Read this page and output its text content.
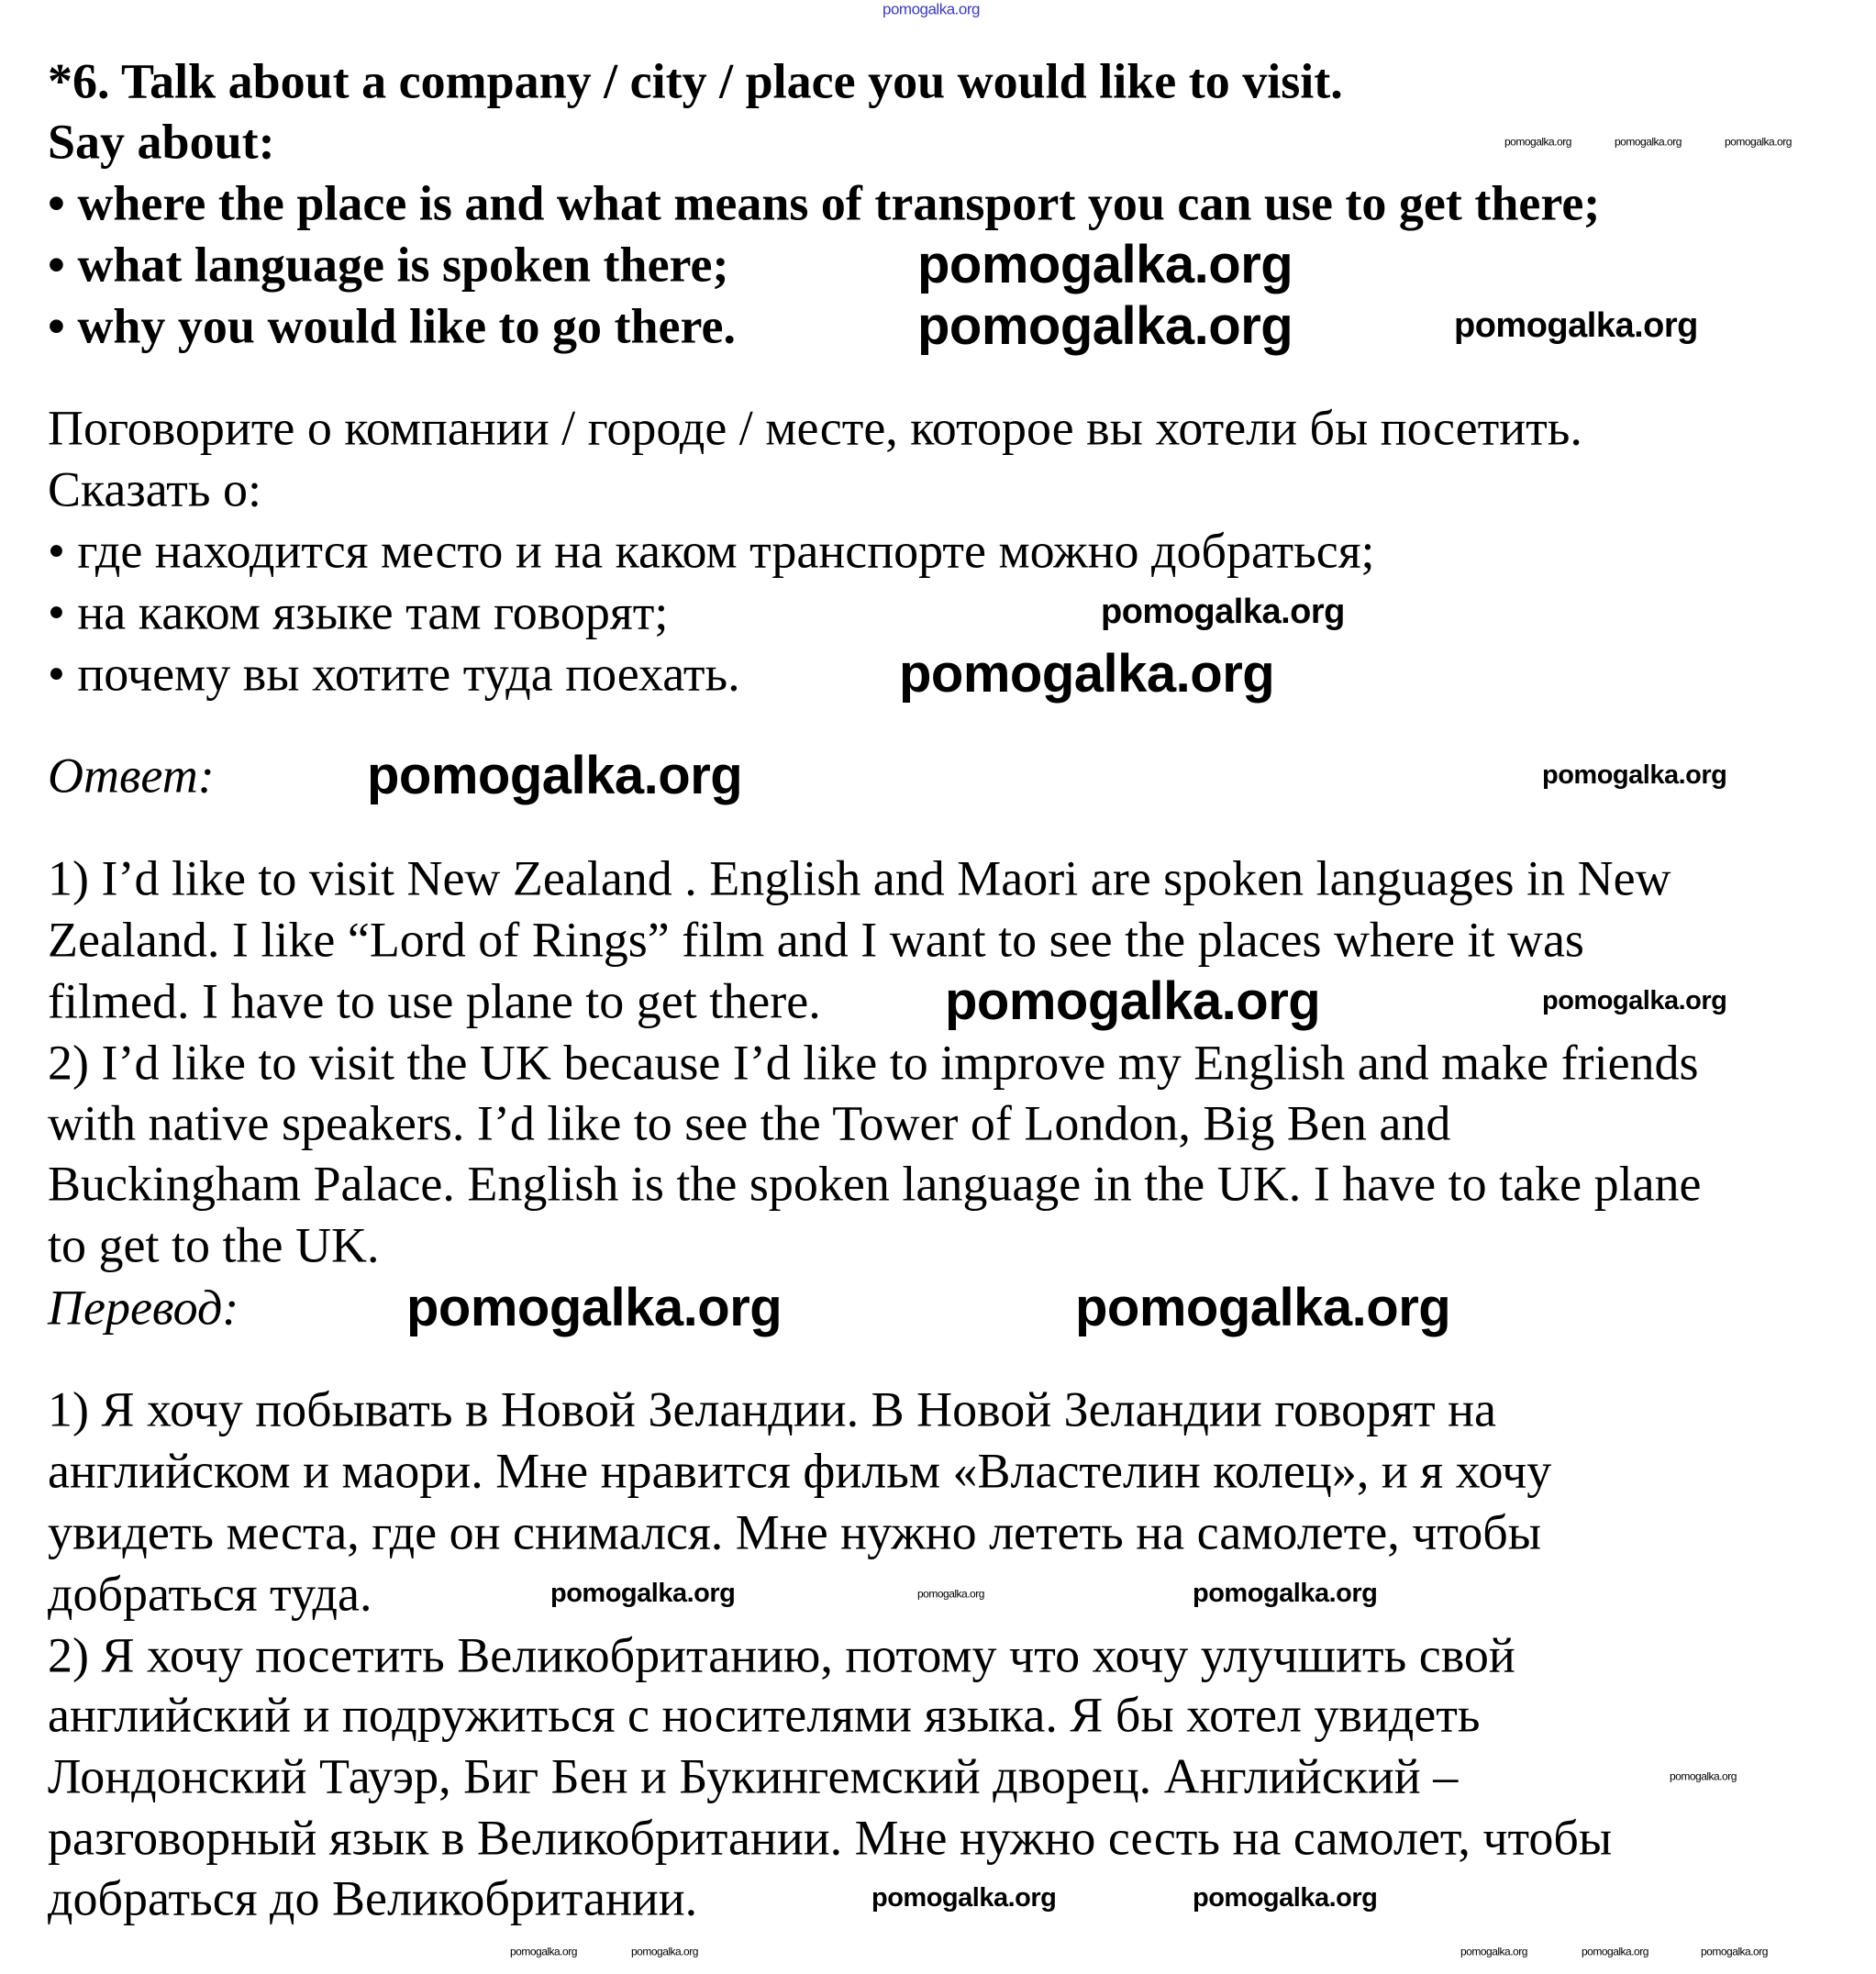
pomogalka.org
*6. Talk about a company / city / place you would like to visit.
Say about:
• where the place is and what means of transport you can use to get there;
• what language is spoken there;
• why you would like to go there.
Поговорите о компании / городе / месте, которое вы хотели бы посетить.
Сказать о:
• где находится место и на каком транспорте можно добраться;
• на каком языке там говорят;
• почему вы хотите туда поехать.
Ответ:
1) I’d like to visit New Zealand . English and Maori are spoken languages in New
Zealand. I like “Lord of Rings” film and I want to see the places where it was
filmed. I have to use plane to get there.
2) I’d like to visit the UK because I’d like to improve my English and make friends
with native speakers. I’d like to see the Tower of London, Big Ben and
Buckingham Palace. English is the spoken language in the UK. I have to take plane
to get to the UK.
Перевод:
1) Я хочу побывать в Новой Зеландии. В Новой Зеландии говорят на
английском и маори. Мне нравится фильм «Властелин колец», и я хочу
увидеть места, где он снимался. Мне нужно лететь на самолете, чтобы
добраться туда.
2) Я хочу посетить Великобританию, потому что хочу улучшить свой
английский и подружиться с носителями языка. Я бы хотел увидеть
Лондонский Тауэр, Биг Бен и Букингемский дворец. Английский –
разговорный язык в Великобритании. Мне нужно сесть на самолет, чтобы
добраться до Великобритании.
pomogalka.org
pomogalka.org
pomogalka.org
pomogalka.org
pomogalka.org
pomogalka.org	pomogalka.org
pomogalka.org
pomogalka.org
pomogalka.org
pomogalka.org
pomogalka.org
pomogalka.org
pomogalka.org	pomogalka.org
pomogalka.org	pomogalka.org	pomogalka.org
pomogalka.org
pomogalka.org
pomogalka.org	pomogalka.org	pomogalka.org	pomogalka.org	pomogalka.org
